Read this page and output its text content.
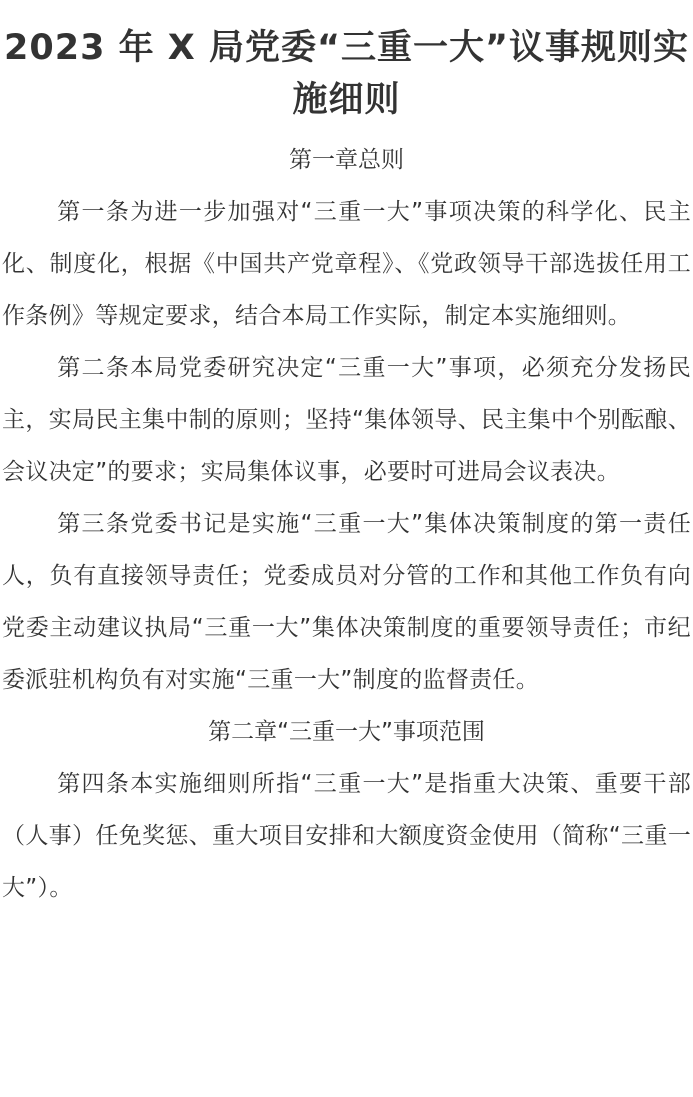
2023 年 X 局党委“三重一大”议事规则实施细则
第一章总则

第一条为进一步加强对“三重一大”事项决策的科学化、民主化、制度化，根据《中国共产党章程》、《党政领导干部选拔任用工作条例》等规定要求，结合本局工作实际，制定本实施细则。

第二条本局党委研究决定“三重一大”事项，必须充分发扬民主，实局民主集中制的原则；坚持“集体领导、民主集中个别酝酿、会议决定”的要求；实局集体议事，必要时可进局会议表决。

第三条党委书记是实施“三重一大”集体决策制度的第一责任人，负有直接领导责任；党委成员对分管的工作和其他工作负有向党委主动建议执局“三重一大”集体决策制度的重要领导责任；市纪委派驻机构负有对实施“三重一大”制度的监督责任。

第二章“三重一大”事项范围

第四条本实施细则所指“三重一大”是指重大决策、重要干部（人事）任免奖惩、重大项目安排和大额度资金使用（简称“三重一大”）。
